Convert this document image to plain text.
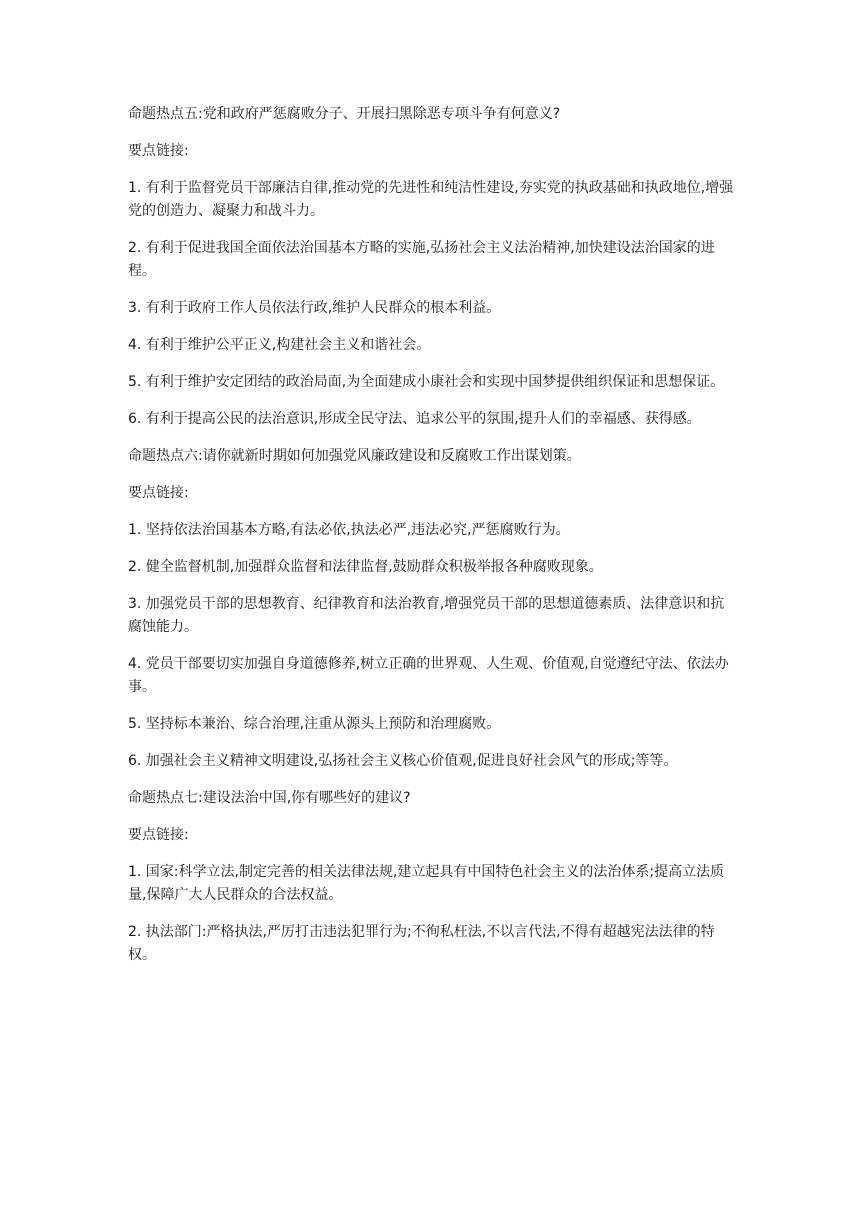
命题热点五:党和政府严惩腐败分子、开展扫黑除恶专项斗争有何意义?

要点链接:

1. 有利于监督党员干部廉洁自律,推动党的先进性和纯洁性建设,夯实党的执政基础和执政地位,增强党的创造力、凝聚力和战斗力。

2. 有利于促进我国全面依法治国基本方略的实施,弘扬社会主义法治精神,加快建设法治国家的进程。

3. 有利于政府工作人员依法行政,维护人民群众的根本利益。

4. 有利于维护公平正义,构建社会主义和谐社会。

5. 有利于维护安定团结的政治局面,为全面建成小康社会和实现中国梦提供组织保证和思想保证。

6. 有利于提高公民的法治意识,形成全民守法、追求公平的氛围,提升人们的幸福感、获得感。

命题热点六:请你就新时期如何加强党风廉政建设和反腐败工作出谋划策。

要点链接:

1. 坚持依法治国基本方略,有法必依,执法必严,违法必究,严惩腐败行为。

2. 健全监督机制,加强群众监督和法律监督,鼓励群众积极举报各种腐败现象。

3. 加强党员干部的思想教育、纪律教育和法治教育,增强党员干部的思想道德素质、法律意识和抗腐蚀能力。

4. 党员干部要切实加强自身道德修养,树立正确的世界观、人生观、价值观,自觉遵纪守法、依法办事。

5. 坚持标本兼治、综合治理,注重从源头上预防和治理腐败。

6. 加强社会主义精神文明建设,弘扬社会主义核心价值观,促进良好社会风气的形成;等等。

命题热点七:建设法治中国,你有哪些好的建议?

要点链接:

1. 国家:科学立法,制定完善的相关法律法规,建立起具有中国特色社会主义的法治体系;提高立法质量,保障广大人民群众的合法权益。

2. 执法部门:严格执法,严厉打击违法犯罪行为;不徇私枉法,不以言代法,不得有超越宪法法律的特权。
